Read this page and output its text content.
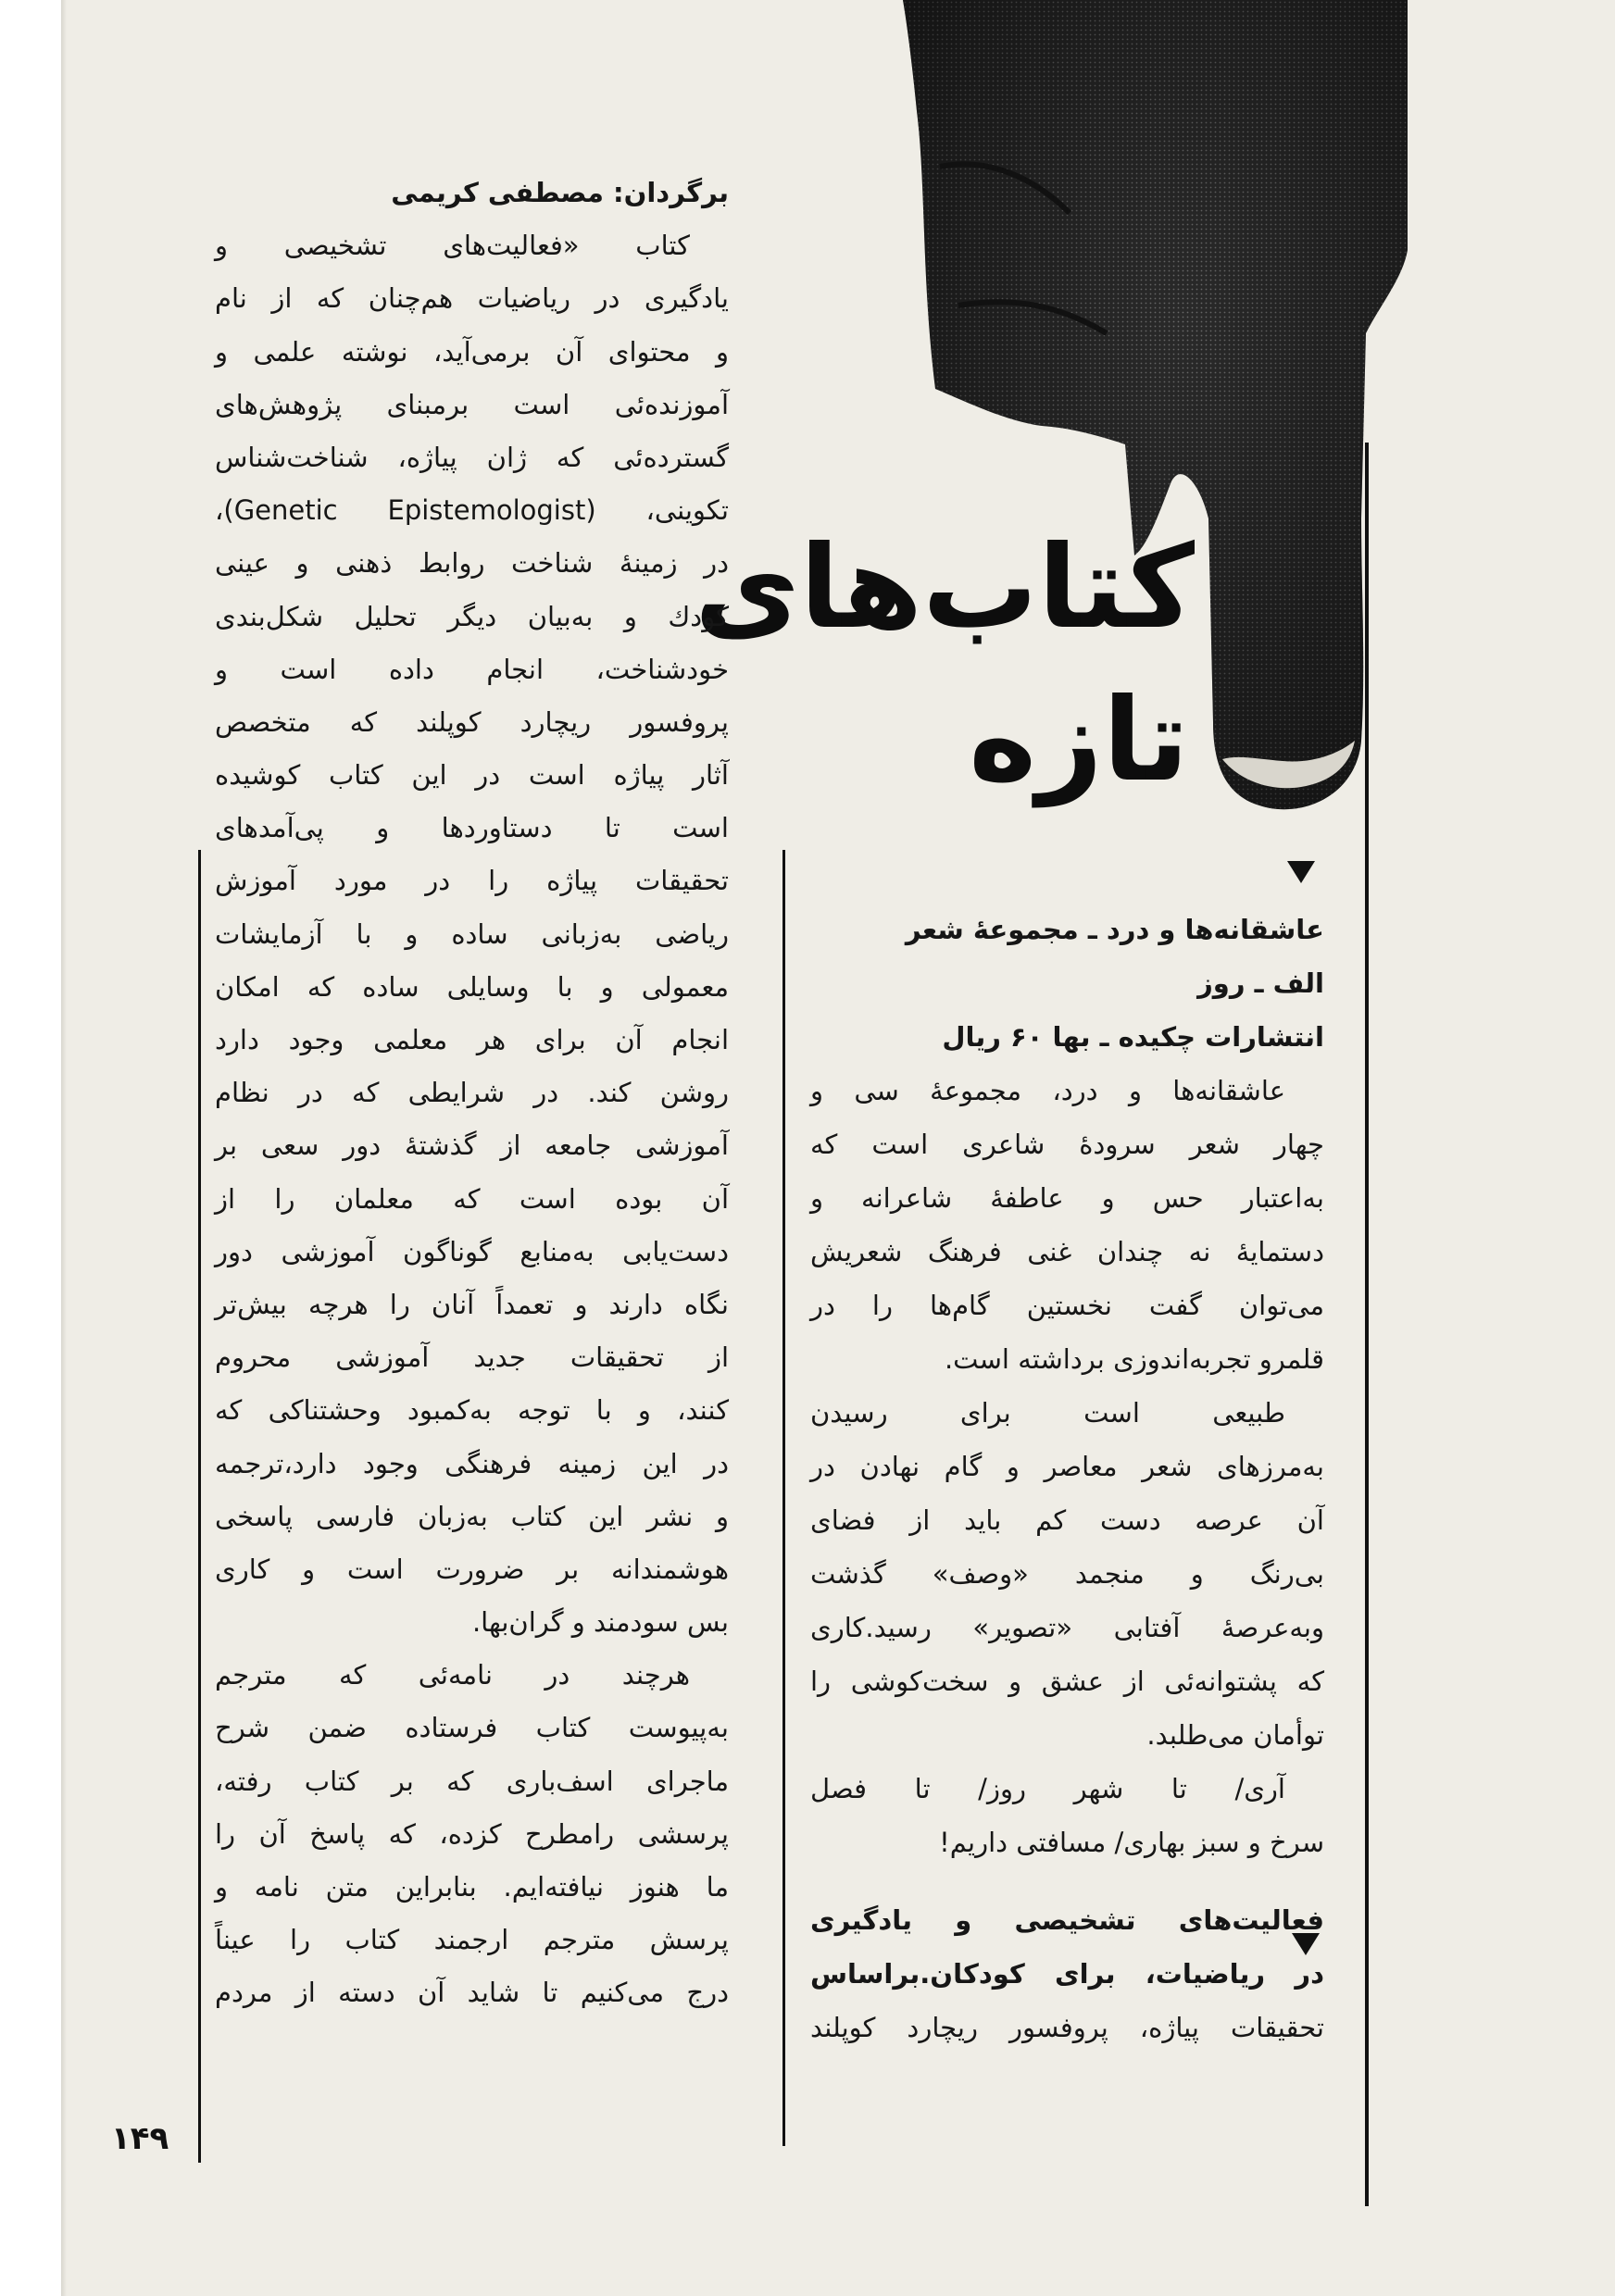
کتاب‌های
تازه
برگردان: مصطفی کریمی
کتاب «فعالیت‌های تشخیصی و
یادگیری در ریاضیات هم‌چنان که از نام
و محتوای آن برمی‌آید، نوشته علمی و
آموزنده‌ئی است برمبنای پژوهش‌های
گسترده‌ئی که ژان پیاژه، شناخت‌شناس
تکوینی، (Genetic Epistemologist)،
در زمینهٔ شناخت روابط ذهنی و عینی
کودك و به‌بیان دیگر تحلیل شکل‌بندی
خودشناخت، انجام داده است و
پروفسور ریچارد کوپلند که متخصص
آثار پیاژه است در این کتاب کوشیده
است تا دستاوردها و پی‌آمدهای
تحقیقات پیاژه را در مورد آموزش
ریاضی به‌زبانی ساده و با آزمایشات
معمولی و با وسایلی ساده که امکان
انجام آن برای هر معلمی وجود دارد
روشن کند. در شرایطی که در نظام
آموزشی جامعه از گذشتهٔ دور سعی بر
آن بوده است که معلمان را از
دست‌یابی به‌منابع گوناگون آموزشی دور
نگاه دارند و تعمداً آنان را هرچه بیش‌تر
از تحقیقات جدید آموزشی محروم
کنند، و با توجه به‌کمبود وحشتناکی که
در این زمینه فرهنگی وجود دارد،ترجمه
و نشر این کتاب به‌زبان فارسی پاسخی
هوشمندانه بر ضرورت است و کاری
بس سودمند و گران‌بها.
هرچند در نامه‌ئی که مترجم
به‌پیوست کتاب فرستاده ضمن شرح
ماجرای اسف‌باری که بر کتاب رفته،
پرسشی رامطرح کزده، که پاسخ آن را
ما هنوز نیافته‌ایم. بنابراین متن نامه و
پرسش مترجم ارجمند کتاب را عیناً
درج می‌کنیم تا شاید آن دسته از مردم
عاشقانه‌ها و درد ـ مجموعهٔ شعر
الف ـ روز
انتشارات چکیده ـ بها ۶۰ ریال
عاشقانه‌ها و درد، مجموعهٔ سی و
چهار شعر سرودهٔ شاعری است که
به‌اعتبار حس و عاطفهٔ شاعرانه و
دستمایهٔ نه چندان غنی فرهنگ شعریش
می‌توان گفت نخستین گام‌ها را در
قلمرو تجربه‌اندوزی برداشته است.
طبیعی است برای رسیدن
به‌مرزهای شعر معاصر و گام نهادن در
آن عرصه دست کم باید از فضای
بی‌رنگ و منجمد «وصف» گذشت
وبه‌عرصهٔ آفتابی «تصویر» رسید.کاری
که پشتوانه‌ئی از عشق و سخت‌کوشی را
توأمان می‌طلبد.
آری/ تا شهر روز/ تا فصل
سرخ و سبز بهاری/ مسافتی داریم!
فعالیت‌های تشخیصی و یادگیری
در ریاضیات، برای کودکان.براساس
تحقیقات پیاژه، پروفسور ریچارد کوپلند
۱۴۹
